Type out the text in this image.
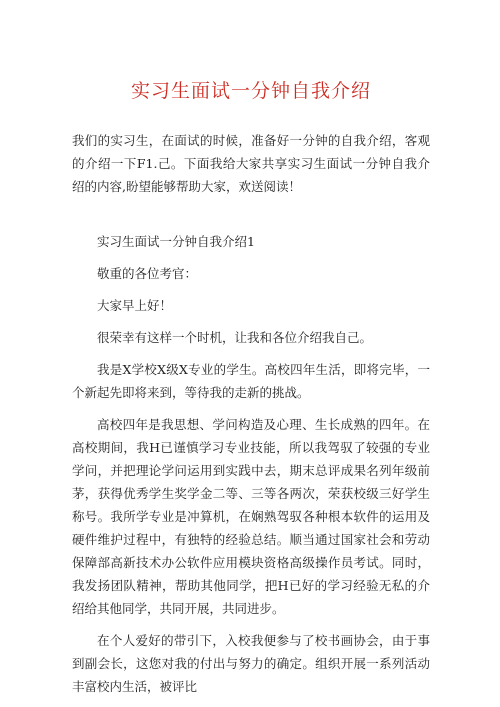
实习生面试一分钟自我介绍

我们的实习生，在面试的时候，准备好一分钟的自我介绍，客观的介绍一下F1.己。下面我给大家共享实习生面试一分钟自我介绍的内容,盼望能够帮助大家，欢送阅读！

实习生面试一分钟自我介绍1

敬重的各位考官：

大家早上好！

很荣幸有这样一个时机，让我和各位介绍我自己。

我是X学校X级X专业的学生。高校四年生活，即将完毕，一个新起先即将来到，等待我的走新的挑战。

高校四年是我思想、学问构造及心理、生长成熟的四年。在高校期间，我H已谨慎学习专业技能，所以我驾驭了较强的专业学问，并把理论学问运用到实践中去，期末总评成果名列年级前茅，获得优秀学生奖学金二等、三等各两次，荣获校级三好学生称号。我所学专业是冲算机，在娴熟驾驭各种根本软件的运用及硬件维护过程中，有独特的经验总结。顺当通过国家社会和劳动保障部高新技术办公软件应用模块资格高级操作员考试。同时，我发扬团队精神，帮助其他同学，把H已好的学习经验无私的介绍给其他同学，共同开展，共同进步。

在个人爱好的带引下，入校我便参与了校书画协会，由于事到副会长，这您对我的付出与努力的确定。组织开展一系列活动丰富校内生活，被评比
